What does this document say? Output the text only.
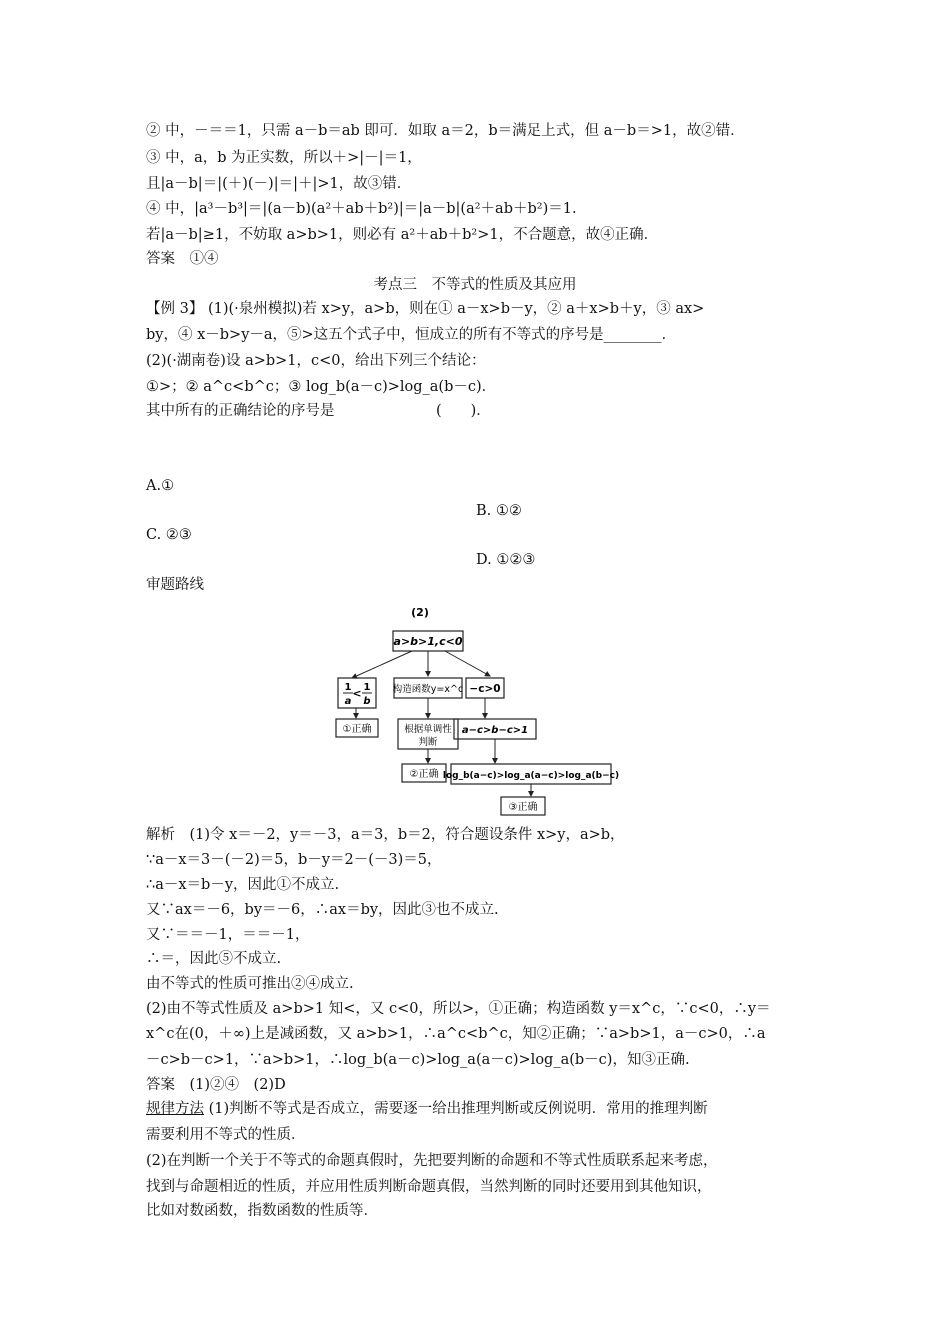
② 中，－＝＝1，只需 a－b＝ab 即可．如取 a＝2，b＝满足上式，但 a－b＝>1，故②错．
③ 中，a，b 为正实数，所以＋>|－|＝1，
且|a－b|＝|(＋)(－)|＝|＋|>1，故③错．
④ 中，|a³－b³|＝|(a－b)(a²＋ab＋b²)|＝|a－b|(a²＋ab＋b²)＝1.
若|a－b|≥1，不妨取 a>b>1，则必有 a²＋ab＋b²>1，不合题意，故④正确．
答案　①④
考点三　不等式的性质及其应用
【例 3】 (1)(·泉州模拟)若 x>y，a>b，则在① a－x>b－y，② a＋x>b＋y，③ ax>
by，④ x－b>y－a，⑤>这五个式子中，恒成立的所有不等式的序号是________．
(2)(·湖南卷)设 a>b>1，c<0，给出下列三个结论：
①>；② a^c<b^c；③ log_b(a－c)>log_a(b－c)．
其中所有的正确结论的序号是　　　　　　　(　　)．
A.①
B. ①②
C. ②③
D. ①②③
审题路线
(2)
a>b>1,c<0
1
a
< 1
b
构造函数y=x^c −c>0
①正确	根据单调性
判断
a−c>b−c>1
②正确 log_b(a−c)>log_a(a−c)>log_a(b−c)
③正确
解析　(1)令 x＝－2，y＝－3，a＝3，b＝2，符合题设条件 x>y，a>b，
∵a－x＝3－(－2)＝5，b－y＝2－(－3)＝5，
∴a－x＝b－y，因此①不成立.
又∵ax＝－6，by＝－6，∴ax＝by，因此③也不成立.
又∵＝＝－1，＝＝－1，
∴＝，因此⑤不成立.
由不等式的性质可推出②④成立.
(2)由不等式性质及 a>b>1 知<，又 c<0，所以>，①正确；构造函数 y＝x^c，∵c<0，∴y＝
x^c在(0，＋∞)上是减函数，又 a>b>1，∴a^c<b^c，知②正确；∵a>b>1，a－c>0，∴a
－c>b－c>1，∵a>b>1，∴log_b(a－c)>log_a(a－c)>log_a(b－c)，知③正确.
答案　(1)②④　(2)D
规律方法 (1)判断不等式是否成立，需要逐一给出推理判断或反例说明．常用的推理判断
需要利用不等式的性质．
(2)在判断一个关于不等式的命题真假时，先把要判断的命题和不等式性质联系起来考虑，
找到与命题相近的性质，并应用性质判断命题真假，当然判断的同时还要用到其他知识，
比如对数函数，指数函数的性质等．
